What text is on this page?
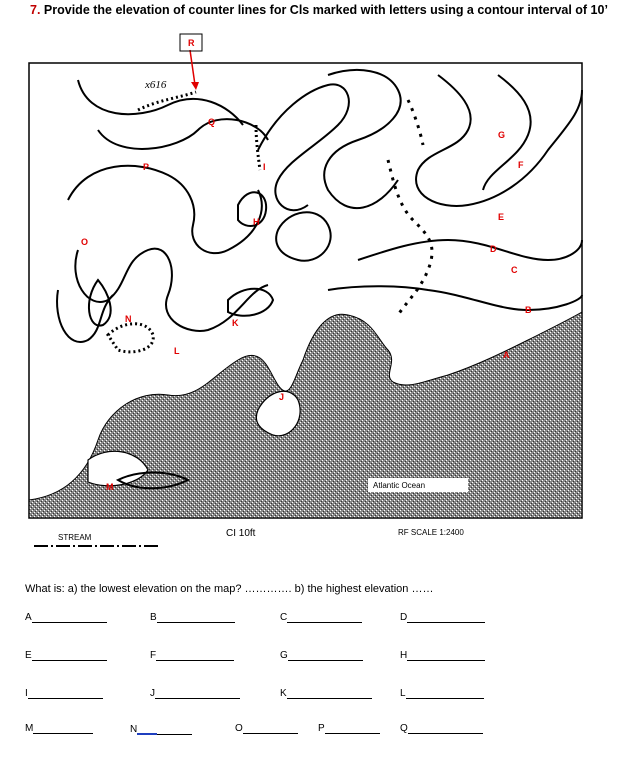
7. Provide the elevation of counter lines for Cls marked with letters using a contour interval of 10’
R
Q
P	I
G
F
O
H	E
D
C
N	K
B
L	A
J
M
x616
Atlantic Ocean
RF SCALE 1:2400
STREAM	CI 10ft
What is: a) the lowest elevation on the map? …………. b) the highest elevation ……
A	B	C	D
E	F	G	H
I	J	K	L
M	N	O	P	Q
